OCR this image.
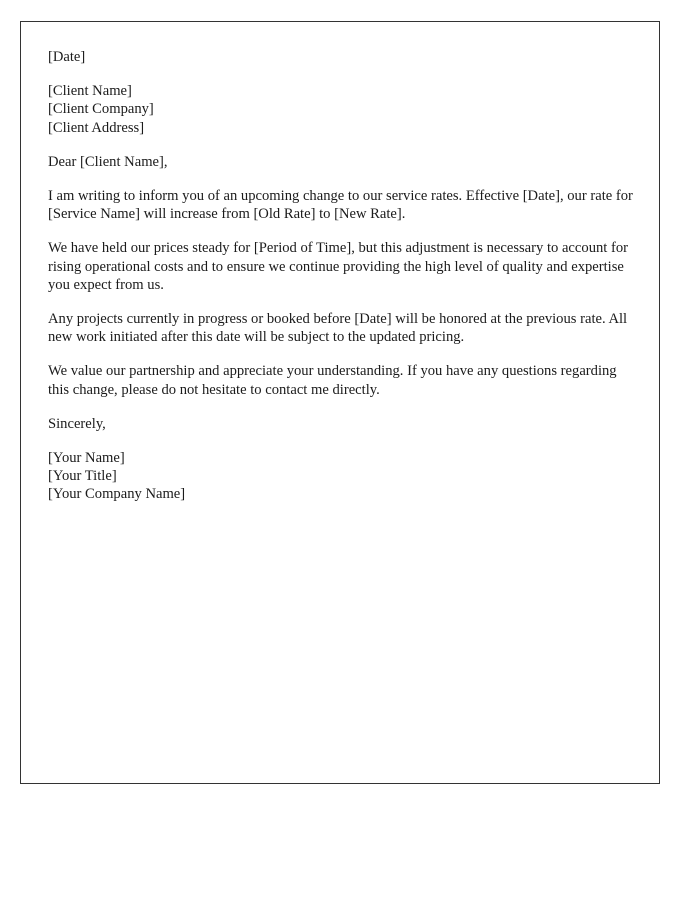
[Date]

[Client Name]
[Client Company]
[Client Address]

Dear [Client Name],

I am writing to inform you of an upcoming change to our service rates. Effective [Date], our rate for [Service Name] will increase from [Old Rate] to [New Rate].

We have held our prices steady for [Period of Time], but this adjustment is necessary to account for rising operational costs and to ensure we continue providing the high level of quality and expertise you expect from us.

Any projects currently in progress or booked before [Date] will be honored at the previous rate. All new work initiated after this date will be subject to the updated pricing.

We value our partnership and appreciate your understanding. If you have any questions regarding this change, please do not hesitate to contact me directly.

Sincerely,

[Your Name]
[Your Title]
[Your Company Name]
